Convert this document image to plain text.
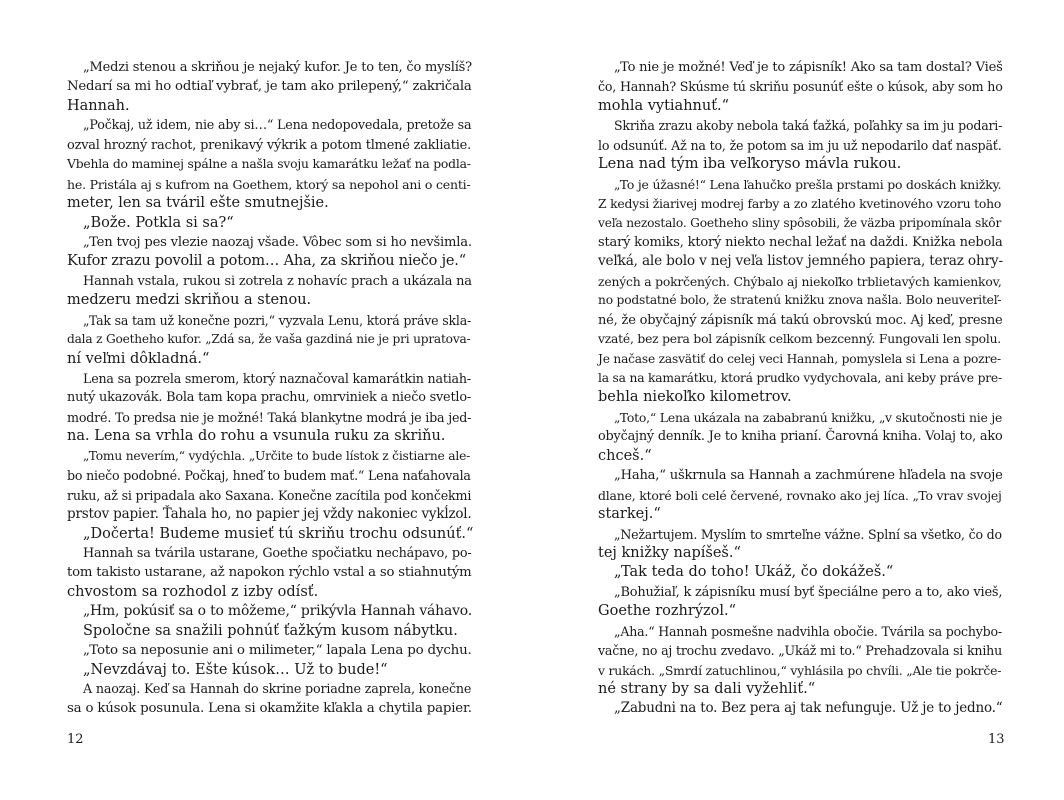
„Medzi stenou a skriňou je nejaký kufor. Je to ten, čo myslíš?
Nedarí sa mi ho odtiaľ vybrať, je tam ako prilepený,“ zakričala
Hannah.
„Počkaj, už idem, nie aby si…“ Lena nedopovedala, pretože sa
ozval hrozný rachot, prenikavý výkrik a potom tlmené zakliatie.
Vbehla do maminej spálne a našla svoju kamarátku ležať na podla-
he. Pristála aj s kufrom na Goethem, ktorý sa nepohol ani o centi-
meter, len sa tváril ešte smutnejšie.
„Bože. Potkla si sa?“
„Ten tvoj pes vlezie naozaj všade. Vôbec som si ho nevšimla.
Kufor zrazu povolil a potom… Aha, za skriňou niečo je.“
Hannah vstala, rukou si zotrela z nohavíc prach a ukázala na
medzeru medzi skriňou a stenou.
„Tak sa tam už konečne pozri,“ vyzvala Lenu, ktorá práve skla-
dala z Goetheho kufor. „Zdá sa, že vaša gazdiná nie je pri upratova-
ní veľmi dôkladná.“
Lena sa pozrela smerom, ktorý naznačoval kamarátkin natiah-
nutý ukazovák. Bola tam kopa prachu, omrviniek a niečo svetlo-
modré. To predsa nie je možné! Taká blankytne modrá je iba jed-
na. Lena sa vrhla do rohu a vsunula ruku za skriňu.
„Tomu neverím,“ vydýchla. „Určite to bude lístok z čistiarne ale-
bo niečo podobné. Počkaj, hneď to budem mať.“ Lena naťahovala
ruku, až si pripadala ako Saxana. Konečne zacítila pod končekmi
prstov papier. Ťahala ho, no papier jej vždy nakoniec vykĺzol.
„Dočerta! Budeme musieť tú skriňu trochu odsunúť.“
Hannah sa tvárila ustarane, Goethe spočiatku nechápavo, po-
tom takisto ustarane, až napokon rýchlo vstal a so stiahnutým
chvostom sa rozhodol z izby odísť.
„Hm, pokúsiť sa o to môžeme,“ prikývla Hannah váhavo.
Spoločne sa snažili pohnúť ťažkým kusom nábytku.
„Toto sa neposunie ani o milimeter,“ lapala Lena po dychu.
„Nevzdávaj to. Ešte kúsok… Už to bude!“
A naozaj. Keď sa Hannah do skrine poriadne zaprela, konečne
sa o kúsok posunula. Lena si okamžite kľakla a chytila papier.
12
„To nie je možné! Veď je to zápisník! Ako sa tam dostal? Vieš
čo, Hannah? Skúsme tú skriňu posunúť ešte o kúsok, aby som ho
mohla vytiahnuť.“
Skriňa zrazu akoby nebola taká ťažká, poľahky sa im ju podari-
lo odsunúť. Až na to, že potom sa im ju už nepodarilo dať naspäť.
Lena nad tým iba veľkoryso mávla rukou.
„To je úžasné!“ Lena ľahučko prešla prstami po doskách knižky.
Z kedysi žiarivej modrej farby a zo zlatého kvetinového vzoru toho
veľa nezostalo. Goetheho sliny spôsobili, že väzba pripomínala skôr
starý komiks, ktorý niekto nechal ležať na daždi. Knižka nebola
veľká, ale bolo v nej veľa listov jemného papiera, teraz ohry-
zených a pokrčených. Chýbalo aj niekoľko trblietavých kamienkov,
no podstatné bolo, že stratenú knižku znova našla. Bolo neuveriteľ-
né, že obyčajný zápisník má takú obrovskú moc. Aj keď, presne
vzaté, bez pera bol zápisník celkom bezcenný. Fungovali len spolu.
Je načase zasvätiť do celej veci Hannah, pomyslela si Lena a pozre-
la sa na kamarátku, ktorá prudko vydychovala, ani keby práve pre-
behla niekoľko kilometrov.
„Toto,“ Lena ukázala na zababranú knižku, „v skutočnosti nie je
obyčajný denník. Je to kniha prianí. Čarovná kniha. Volaj to, ako
chceš.“
„Haha,“ uškrnula sa Hannah a zachmúrene hľadela na svoje
dlane, ktoré boli celé červené, rovnako ako jej líca. „To vrav svojej
starkej.“
„Nežartujem. Myslím to smrteľne vážne. Splní sa všetko, čo do
tej knižky napíšeš.“
„Tak teda do toho! Ukáž, čo dokážeš.“
„Bohužiaľ, k zápisníku musí byť špeciálne pero a to, ako vieš,
Goethe rozhrýzol.“
„Aha.“ Hannah posmešne nadvihla obočie. Tvárila sa pochybo-
vačne, no aj trochu zvedavo. „Ukáž mi to.“ Prehadzovala si knihu
v rukách. „Smrdí zatuchlinou,“ vyhlásila po chvíli. „Ale tie pokrče-
né strany by sa dali vyžehliť.“
„Zabudni na to. Bez pera aj tak nefunguje. Už je to jedno.“
13
